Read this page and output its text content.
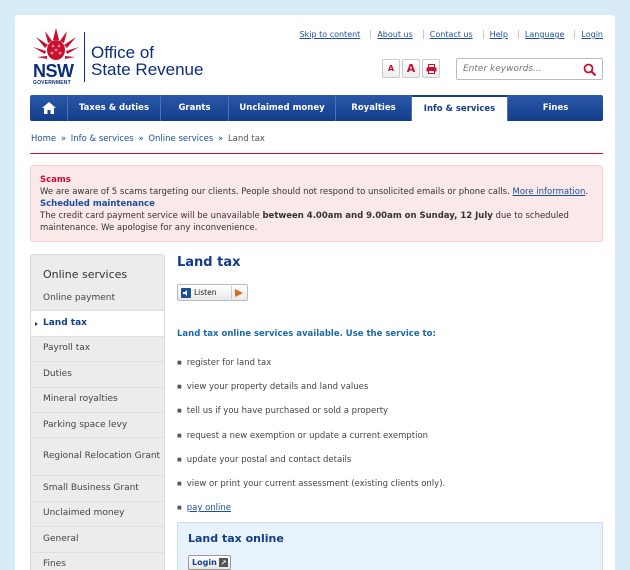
NSW
GOVERNMENT
Office of
State Revenue
Skip to content	About us	Contact us	Help	Language	Login
A	A
Enter keywords...
Taxes & duties	Grants	Unclaimed money	Royalties	Info & services	Fines
Home » Info & services » Online services » Land tax
Scams
We are aware of 5 scams targeting our clients. People should not respond to unsolicited emails or phone calls. More information.
Scheduled maintenance
The credit card payment service will be unavailable between 4.00am and 9.00am on Sunday, 12 July due to scheduled maintenance. We apologise for any inconvenience.
Online services
Online payment
Land tax
Payroll tax
Duties
Mineral royalties
Parking space levy
Regional Relocation Grant
Small Business Grant
Unclaimed money
General
Fines
Land tax
Listen
Land tax online services available. Use the service to:
■ register for land tax
■ view your property details and land values
■ tell us if you have purchased or sold a property
■ request a new exemption or update a current exemption
■ update your postal and contact details
■ view or print your current assessment (existing clients only).
■ pay online
Land tax online
Login ↗
